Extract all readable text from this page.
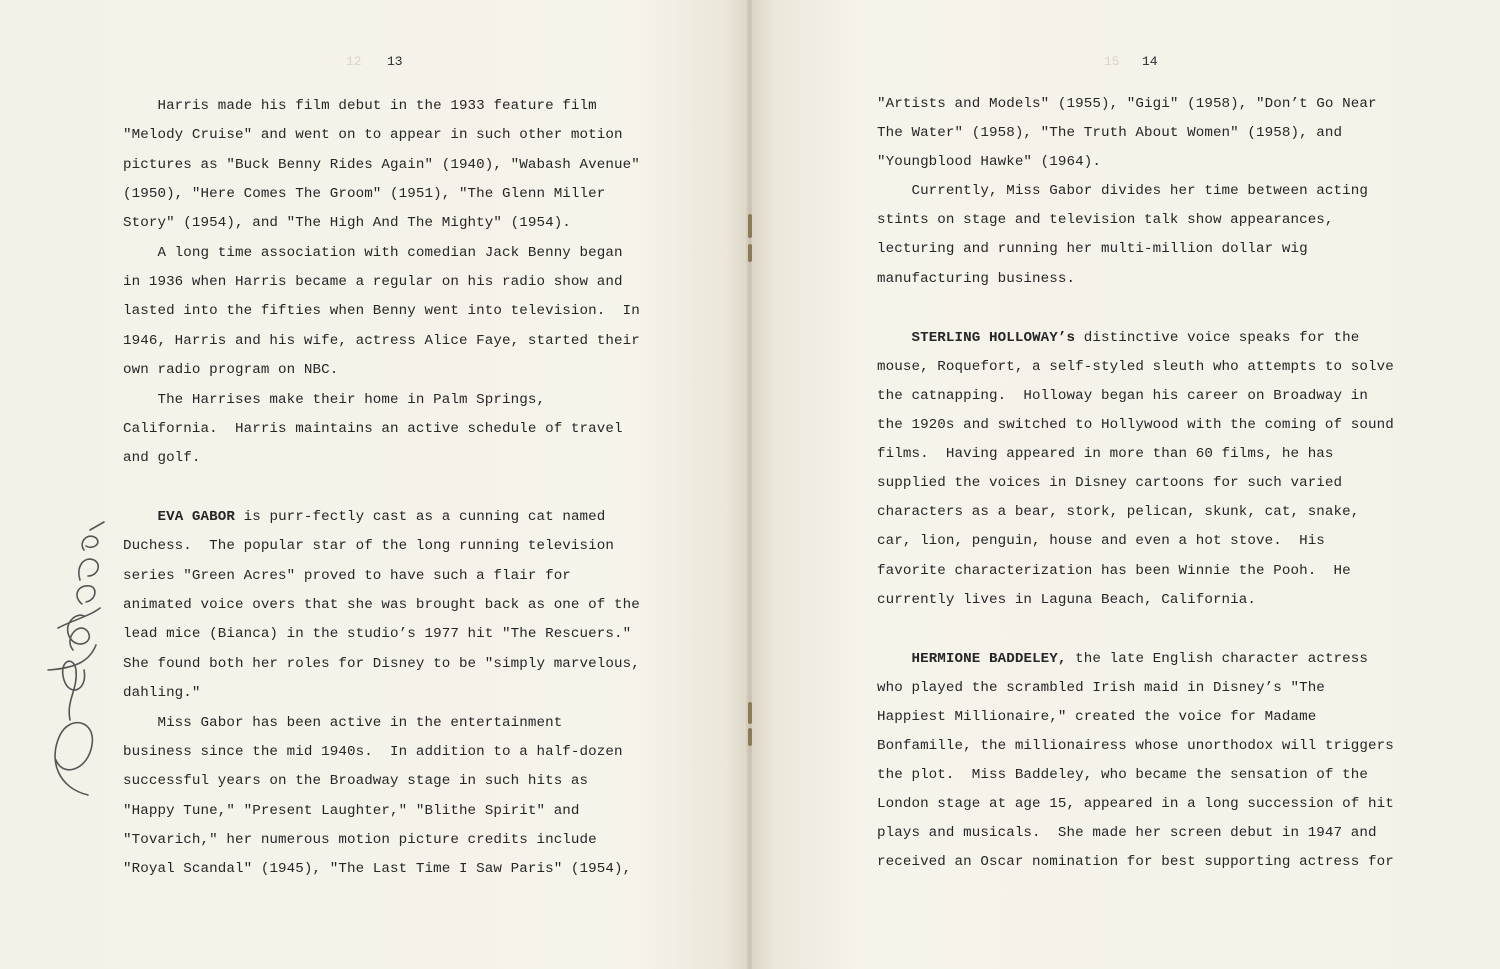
12 13
Harris made his film debut in the 1933 feature film
"Melody Cruise" and went on to appear in such other motion
pictures as "Buck Benny Rides Again" (1940), "Wabash Avenue"
(1950), "Here Comes The Groom" (1951), "The Glenn Miller
Story" (1954), and "The High And The Mighty" (1954).
A long time association with comedian Jack Benny began
in 1936 when Harris became a regular on his radio show and
lasted into the fifties when Benny went into television.  In
1946, Harris and his wife, actress Alice Faye, started their
own radio program on NBC.
The Harrises make their home in Palm Springs,
California.  Harris maintains an active schedule of travel
and golf.
EVA GABOR is purr-fectly cast as a cunning cat named
Duchess.  The popular star of the long running television
series "Green Acres" proved to have such a flair for
animated voice overs that she was brought back as one of the
lead mice (Bianca) in the studio’s 1977 hit "The Rescuers."
She found both her roles for Disney to be "simply marvelous,
dahling."
Miss Gabor has been active in the entertainment
business since the mid 1940s.  In addition to a half-dozen
successful years on the Broadway stage in such hits as
"Happy Tune," "Present Laughter," "Blithe Spirit" and
"Tovarich," her numerous motion picture credits include
"Royal Scandal" (1945), "The Last Time I Saw Paris" (1954),
15 14
"Artists and Models" (1955), "Gigi" (1958), "Don’t Go Near
The Water" (1958), "The Truth About Women" (1958), and
"Youngblood Hawke" (1964).
Currently, Miss Gabor divides her time between acting
stints on stage and television talk show appearances,
lecturing and running her multi-million dollar wig
manufacturing business.
STERLING HOLLOWAY’s distinctive voice speaks for the
mouse, Roquefort, a self-styled sleuth who attempts to solve
the catnapping.  Holloway began his career on Broadway in
the 1920s and switched to Hollywood with the coming of sound
films.  Having appeared in more than 60 films, he has
supplied the voices in Disney cartoons for such varied
characters as a bear, stork, pelican, skunk, cat, snake,
car, lion, penguin, house and even a hot stove.  His
favorite characterization has been Winnie the Pooh.  He
currently lives in Laguna Beach, California.
HERMIONE BADDELEY, the late English character actress
who played the scrambled Irish maid in Disney’s "The
Happiest Millionaire," created the voice for Madame
Bonfamille, the millionairess whose unorthodox will triggers
the plot.  Miss Baddeley, who became the sensation of the
London stage at age 15, appeared in a long succession of hit
plays and musicals.  She made her screen debut in 1947 and
received an Oscar nomination for best supporting actress for
